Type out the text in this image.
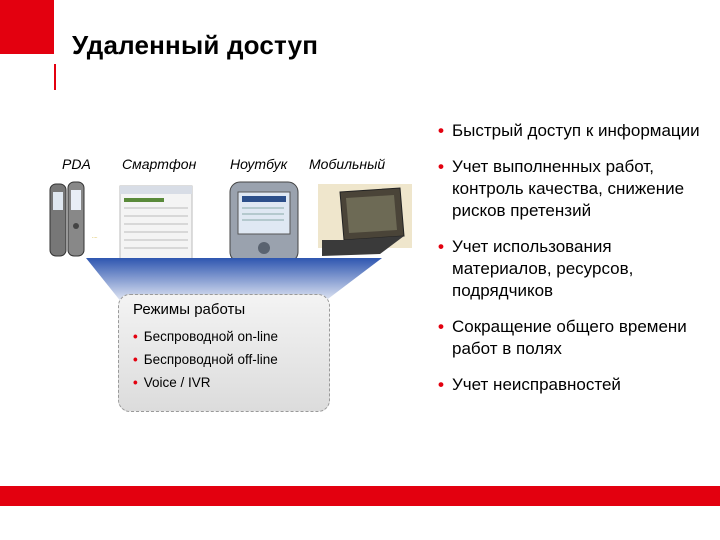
Удаленный доступ
PDA Смартфон Ноутбук Мобильный
....
Режимы работы
• Беспроводной on-line
• Беспроводной off-line
• Voice / IVR
• Быстрый доступ к информации
• Учет выполненных работ, контроль качества, снижение рисков претензий
• Учет использования материалов, ресурсов, подрядчиков
• Сокращение общего времени работ в полях
• Учет неисправностей
